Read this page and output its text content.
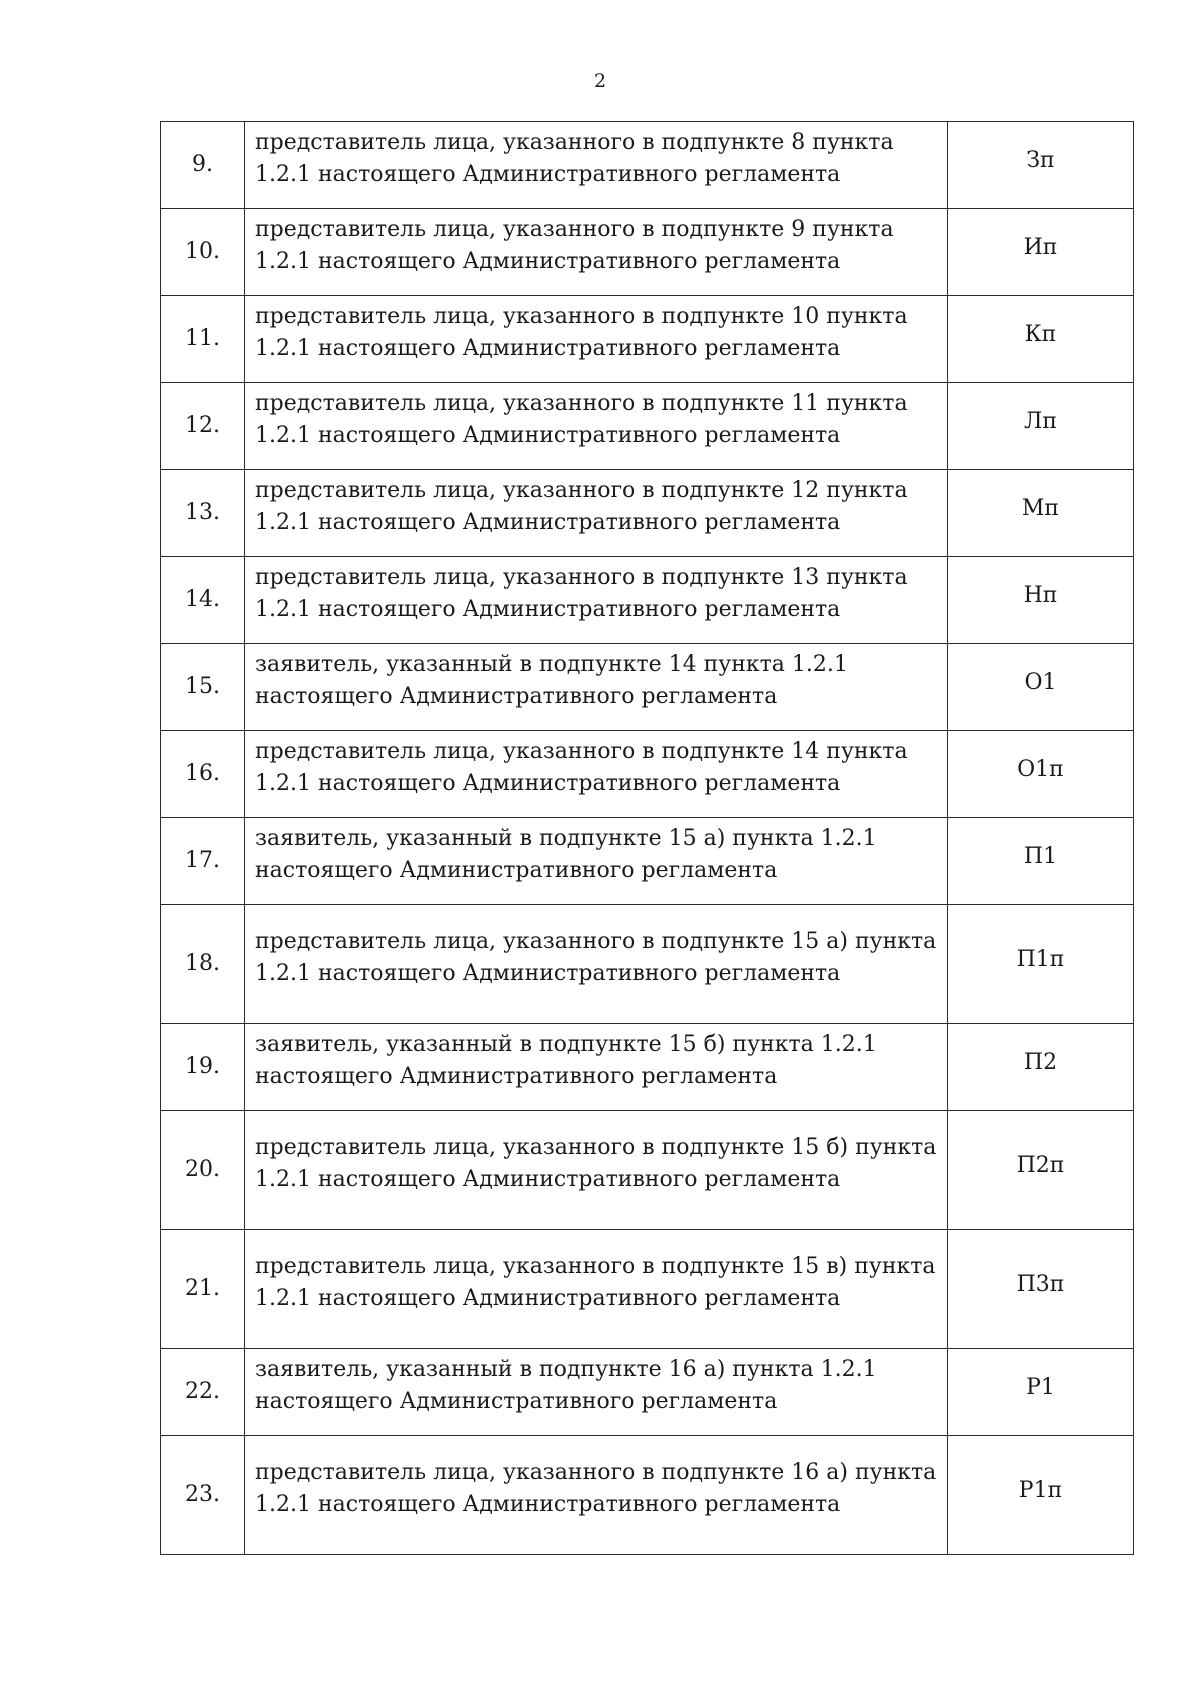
2
9.	представитель лица, указанного в подпункте 8 пункта 1.2.1 настоящего Административного регламента	Зп
10.	представитель лица, указанного в подпункте 9 пункта 1.2.1 настоящего Административного регламента	Ип
11.	представитель лица, указанного в подпункте 10 пункта 1.2.1 настоящего Административного регламента	Кп
12.	представитель лица, указанного в подпункте 11 пункта 1.2.1 настоящего Административного регламента	Лп
13.	представитель лица, указанного в подпункте 12 пункта 1.2.1 настоящего Административного регламента	Мп
14.	представитель лица, указанного в подпункте 13 пункта 1.2.1 настоящего Административного регламента	Нп
15.	заявитель, указанный в подпункте 14 пункта 1.2.1 настоящего Административного регламента	О1
16.	представитель лица, указанного в подпункте 14 пункта 1.2.1 настоящего Административного регламента	О1п
17.	заявитель, указанный в подпункте 15 а) пункта 1.2.1 настоящего Административного регламента	П1
18.	представитель лица, указанного в подпункте 15 а) пункта 1.2.1 настоящего Административного регламента	П1п
19.	заявитель, указанный в подпункте 15 б) пункта 1.2.1 настоящего Административного регламента	П2
20.	представитель лица, указанного в подпункте 15 б) пункта 1.2.1 настоящего Административного регламента	П2п
21.	представитель лица, указанного в подпункте 15 в) пункта 1.2.1 настоящего Административного регламента	П3п
22.	заявитель, указанный в подпункте 16 а) пункта 1.2.1 настоящего Административного регламента	Р1
23.	представитель лица, указанного в подпункте 16 а) пункта 1.2.1 настоящего Административного регламента	Р1п
